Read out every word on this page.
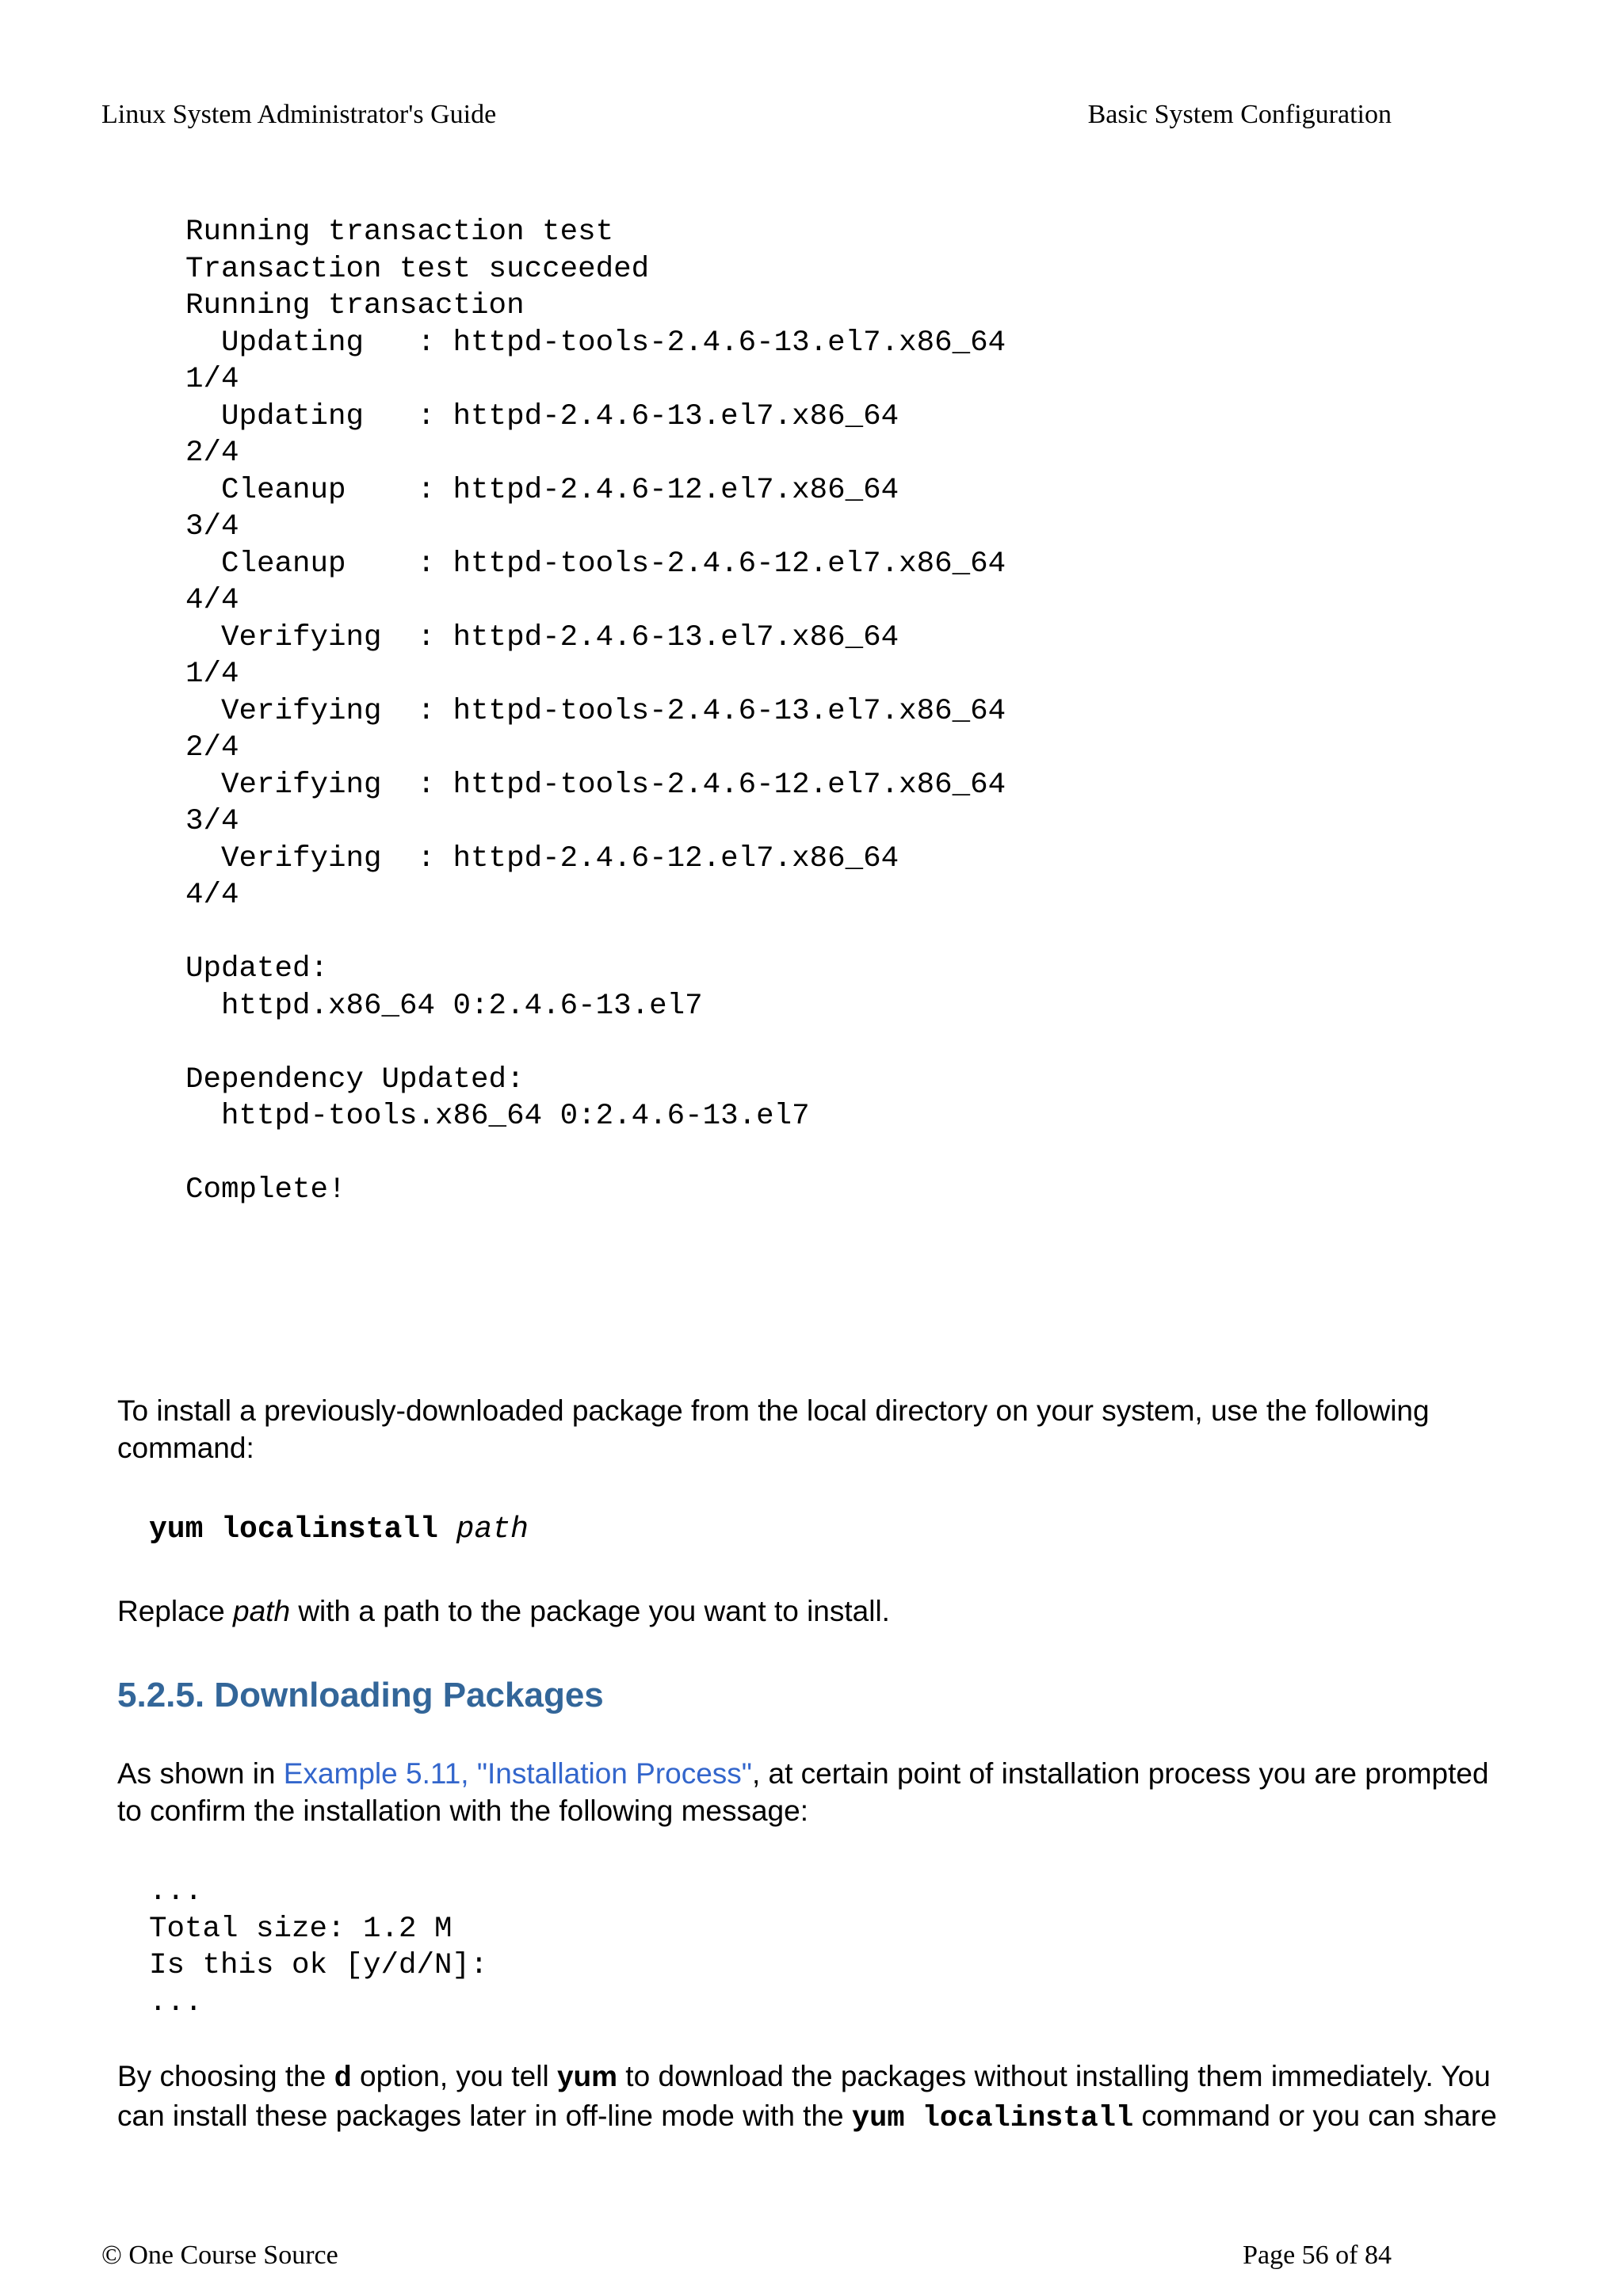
Linux System Administrator's Guide	Basic System Configuration
Running transaction test
Transaction test succeeded
Running transaction
Updating   : httpd-tools-2.4.6-13.el7.x86_64
1/4
Updating   : httpd-2.4.6-13.el7.x86_64
2/4
Cleanup    : httpd-2.4.6-12.el7.x86_64
3/4
Cleanup    : httpd-tools-2.4.6-12.el7.x86_64
4/4
Verifying  : httpd-2.4.6-13.el7.x86_64
1/4
Verifying  : httpd-tools-2.4.6-13.el7.x86_64
2/4
Verifying  : httpd-tools-2.4.6-12.el7.x86_64
3/4
Verifying  : httpd-2.4.6-12.el7.x86_64
4/4

Updated:
httpd.x86_64 0:2.4.6-13.el7

Dependency Updated:
httpd-tools.x86_64 0:2.4.6-13.el7

Complete!

To install a previously-downloaded package from the local directory on your system, use the following command:

yum localinstall path

Replace path with a path to the package you want to install.

5.2.5. Downloading Packages

As shown in Example 5.11, "Installation Process", at certain point of installation process you are prompted to confirm the installation with the following message:

...
Total size: 1.2 M
Is this ok [y/d/N]:
...

By choosing the d option, you tell yum to download the packages without installing them immediately. You can install these packages later in off-line mode with the yum localinstall command or you can share

© One Course Source	Page 56 of 84
